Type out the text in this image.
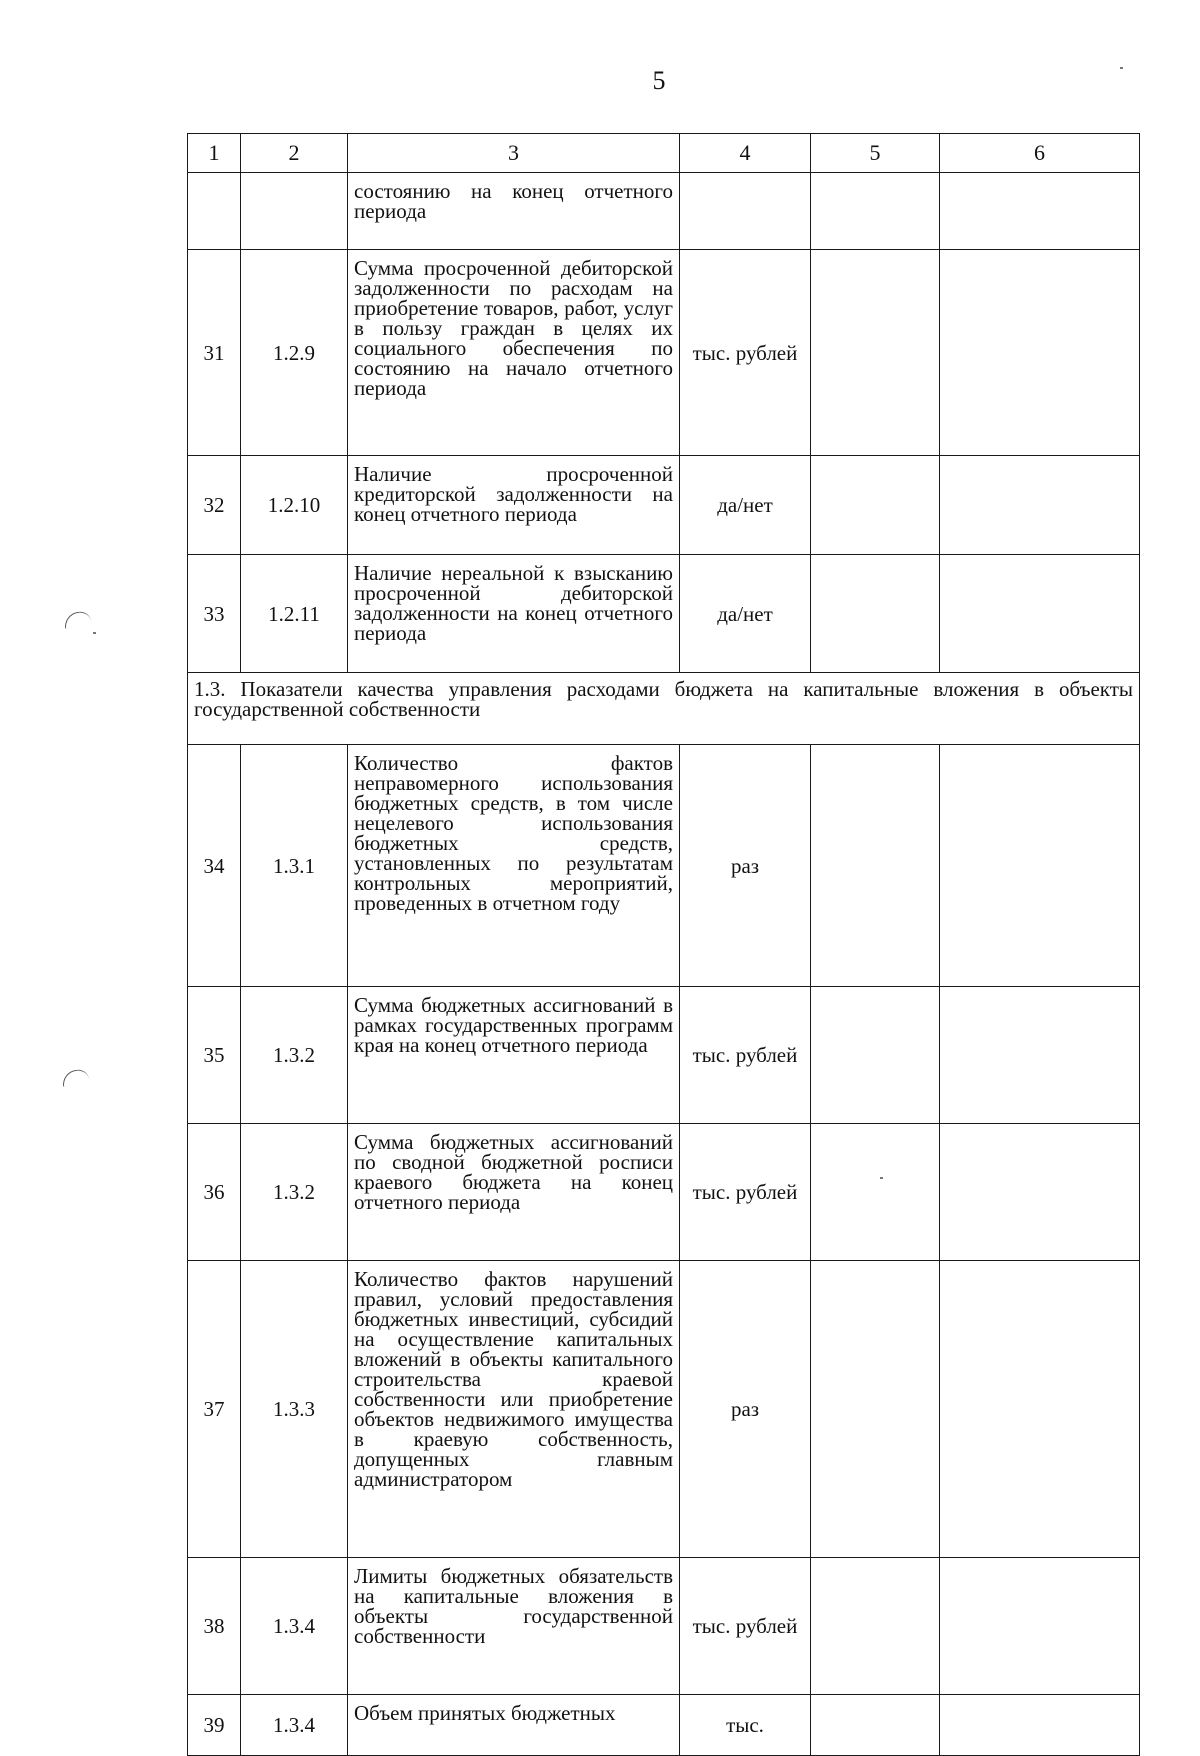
5
1	2	3	4	5	6
		состоянию на конец отчетного периода			
31	1.2.9	Сумма просроченной дебиторской задолженности по расходам на приобретение товаров, работ, услуг в пользу граждан в целях их социального обеспечения по состоянию на начало отчетного периода	тыс. рублей		
32	1.2.10	Наличие просроченной кредиторской задолженности на конец отчетного периода	да/нет		
33	1.2.11	Наличие нереальной к взысканию просроченной дебиторской задолженности на конец отчетного периода	да/нет		
1.3. Показатели качества управления расходами бюджета на капитальные вложения в объекты государственной собственности					
34	1.3.1	Количество фактов неправомерного использования бюджетных средств, в том числе нецелевого использования бюджетных средств, установленных по результатам контрольных мероприятий, проведенных в отчетном году	раз		
35	1.3.2	Сумма бюджетных ассигнований в рамках государственных программ края на конец отчетного периода	тыс. рублей		
36	1.3.2	Сумма бюджетных ассигнований по сводной бюджетной росписи краевого бюджета на конец отчетного периода	тыс. рублей		
37	1.3.3	Количество фактов нарушений правил, условий предоставления бюджетных инвестиций, субсидий на осуществление капитальных вложений в объекты капитального строительства краевой собственности или приобретение объектов недвижимого имущества в краевую собственность, допущенных главным администратором	раз		
38	1.3.4	Лимиты бюджетных обязательств на капитальные вложения в объекты государственной собственности	тыс. рублей		
39	1.3.4	Объем принятых бюджетных	тыс.		
